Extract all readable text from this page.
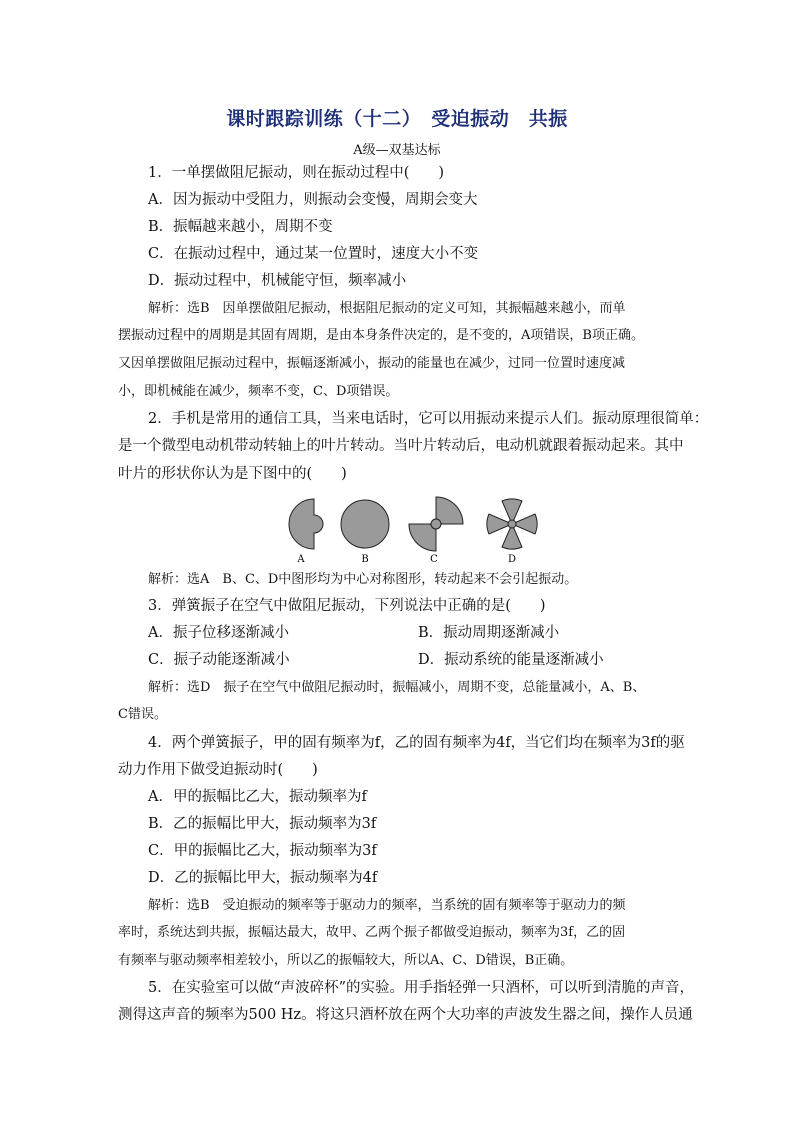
课时跟踪训练（十二）　受迫振动　共振
A级—双基达标
1．一单摆做阻尼振动，则在振动过程中(　　)
A．因为振动中受阻力，则振动会变慢，周期会变大
B．振幅越来越小，周期不变
C．在振动过程中，通过某一位置时，速度大小不变
D．振动过程中，机械能守恒，频率减小
解析：选B　因单摆做阻尼振动，根据阻尼振动的定义可知，其振幅越来越小，而单
摆振动过程中的周期是其固有周期，是由本身条件决定的，是不变的，A项错误，B项正确。
又因单摆做阻尼振动过程中，振幅逐渐减小，振动的能量也在减少，过同一位置时速度减
小，即机械能在减少，频率不变，C、D项错误。
2．手机是常用的通信工具，当来电话时，它可以用振动来提示人们。振动原理很简单：
是一个微型电动机带动转轴上的叶片转动。当叶片转动后，电动机就跟着振动起来。其中
叶片的形状你认为是下图中的(　　)
A	B	C	D
解析：选A　B、C、D中图形均为中心对称图形，转动起来不会引起振动。
3．弹簧振子在空气中做阻尼振动，下列说法中正确的是(　　)
A．振子位移逐渐减小	B．振动周期逐渐减小
C．振子动能逐渐减小	D．振动系统的能量逐渐减小
解析：选D　振子在空气中做阻尼振动时，振幅减小，周期不变，总能量减小，A、B、
C错误。
4．两个弹簧振子，甲的固有频率为f，乙的固有频率为4f，当它们均在频率为3f的驱
动力作用下做受迫振动时(　　)
A．甲的振幅比乙大，振动频率为f
B．乙的振幅比甲大，振动频率为3f
C．甲的振幅比乙大，振动频率为3f
D．乙的振幅比甲大，振动频率为4f
解析：选B　受迫振动的频率等于驱动力的频率，当系统的固有频率等于驱动力的频
率时，系统达到共振，振幅达最大，故甲、乙两个振子都做受迫振动，频率为3f，乙的固
有频率与驱动频率相差较小，所以乙的振幅较大，所以A、C、D错误，B正确。
5．在实验室可以做“声波碎杯”的实验。用手指轻弹一只酒杯，可以听到清脆的声音，
测得这声音的频率为500 Hz。将这只酒杯放在两个大功率的声波发生器之间，操作人员通
